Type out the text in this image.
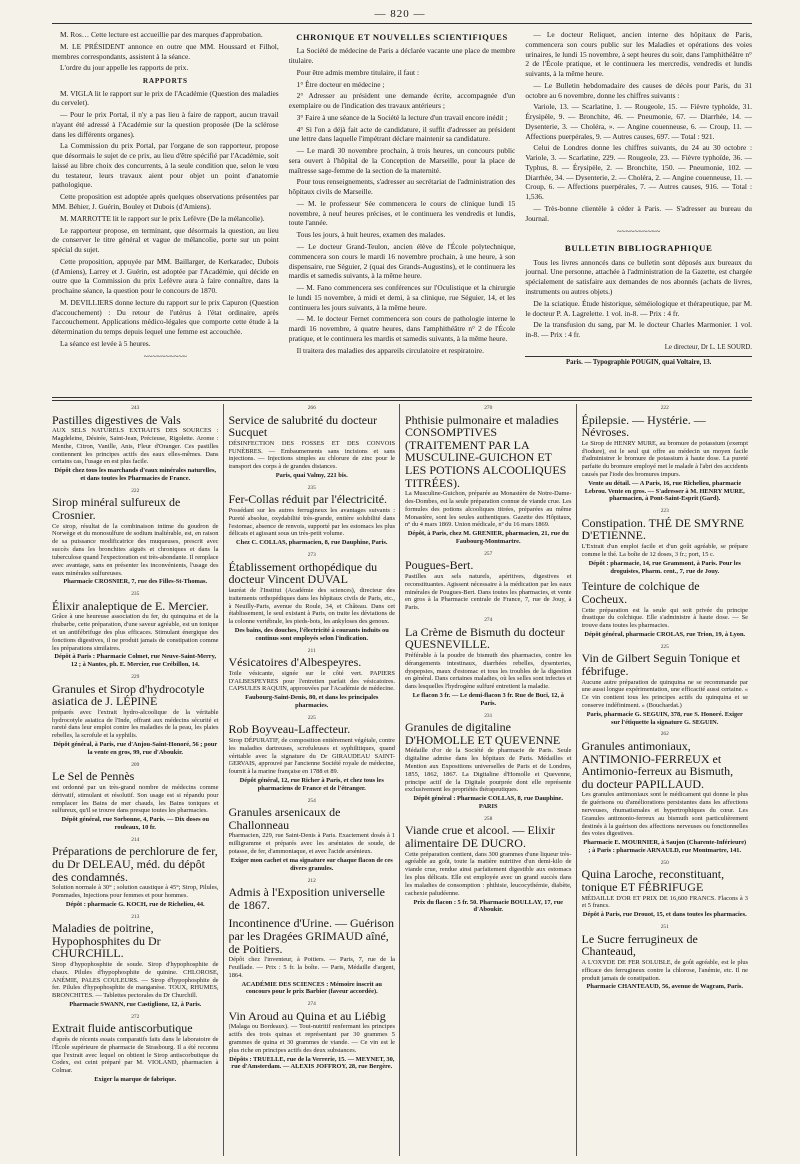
— 820 —

M. Ros… Cette lecture est accueillie par des marques d'approbation.

M. LE PRÉSIDENT annonce en outre que MM. Houssard et Filhol, membres correspondants, assistent à la séance.

L'ordre du jour appelle les rapports de prix.

RAPPORTS

M. VIGLA lit le rapport sur le prix de l'Académie (Question des maladies du cervelet).

— Pour le prix Portal, il n'y a pas lieu à faire de rapport, aucun travail n'ayant été adressé à l'Académie sur la question proposée (De la sclérose dans les différents organes).

La Commission du prix Portal, par l'organe de son rapporteur, propose que désormais le sujet de ce prix, au lieu d'être spécifié par l'Académie, soit laissé au libre choix des concurrents, à la seule condition que, selon le vœu du testateur, leurs travaux aient pour objet un point d'anatomie pathologique.

Cette proposition est adoptée après quelques observations présentées par MM. Béhier, J. Guérin, Bouley et Dubois (d'Amiens).

M. MARROTTE lit le rapport sur le prix Lefèvre (De la mélancolie).

Le rapporteur propose, en terminant, que désormais la question, au lieu de conserver le titre général et vague de mélancolie, porte sur un point spécial du sujet.

Cette proposition, appuyée par MM. Baillarger, de Kerkaradec, Dubois (d'Amiens), Larrey et J. Guérin, est adoptée par l'Académie, qui décide en outre que la Commission du prix Lefèvre aura à faire connaître, dans la prochaine séance, la question pour le concours de 1870.

M. DEVILLIERS donne lecture du rapport sur le prix Capuron (Question d'accouchement) : Du retour de l'utérus à l'état ordinaire, après l'accouchement. Applications médico-légales que comporte cette étude à la détermination du temps depuis lequel une femme est accouchée.

La séance est levée à 5 heures.

~~~~~~~~~~
CHRONIQUE ET NOUVELLES SCIENTIFIQUES

La Société de médecine de Paris a déclarée vacante une place de membre titulaire.

Pour être admis membre titulaire, il faut :

1° Être docteur en médecine ;

2° Adresser au président une demande écrite, accompagnée d'un exemplaire ou de l'indication des travaux antérieurs ;

3° Faire à une séance de la Société la lecture d'un travail encore inédit ;

4° Si l'on a déjà fait acte de candidature, il suffit d'adresser au président une lettre dans laquelle l'impétrant déclare maintenir sa candidature.

— Le mardi 30 novembre prochain, à trois heures, un concours public sera ouvert à l'hôpital de la Conception de Marseille, pour la place de maîtresse sage-femme de la section de la maternité.

Pour tous renseignements, s'adresser au secrétariat de l'administration des hôpitaux civils de Marseille.

— M. le professeur Sée commencera le cours de clinique lundi 15 novembre, à neuf heures précises, et le continuera les vendredis et lundis, toute l'année.

Tous les jours, à huit heures, examen des malades.

— Le docteur Grand-Teulon, ancien élève de l'École polytechnique, commencera son cours le mardi 16 novembre prochain, à une heure, à son dispensaire, rue Séguier, 2 (quai des Grands-Augustins), et le continuera les mardis et samedis suivants, à la même heure.

— M. Fano commencera ses conférences sur l'Oculistique et la chirurgie le lundi 15 novembre, à midi et demi, à sa clinique, rue Séguier, 14, et les continuera les jours suivants, à la même heure.

— M. le docteur Fernet commencera son cours de pathologie interne le mardi 16 novembre, à quatre heures, dans l'amphithéâtre n° 2 de l'École pratique, et le continuera les mardis et samedis suivants, à la même heure.

Il traitera des maladies des appareils circulatoire et respiratoire.

— Le docteur Reliquet, ancien interne des hôpitaux de Paris, commencera son cours public sur les Maladies et opérations des voies urinaires, le lundi 15 novembre, à sept heures du soir, dans l'amphithéâtre n° 2 de l'École pratique, et le continuera les mercredis, vendredis et lundis suivants, à la même heure.

— Le Bulletin hebdomadaire des causes de décès pour Paris, du 31 octobre au 6 novembre, donne les chiffres suivants :

Variole, 13. — Scarlatine, 1. — Rougeole, 15. — Fièvre typhoïde, 31. Érysipèle, 9. — Bronchite, 46. — Pneumonie, 67. — Diarrhée, 14. — Dysenterie, 3. — Choléra, ». — Angine couenneuse, 6. — Croup, 11. — Affections puerpérales, 9. — Autres causes, 697. — Total : 921.

Celui de Londres donne les chiffres suivants, du 24 au 30 octobre : Variole, 3. — Scarlatine, 229. — Rougeole, 23. — Fièvre typhoïde, 36. — Typhus, 8. — Érysipèle, 2. — Bronchite, 150. — Pneumonie, 102. — Diarrhée, 34. — Dysenterie, 2. — Choléra, 2. — Angine couenneuse, 11. — Croup, 6. — Affections puerpérales, 7. — Autres causes, 916. — Total : 1,536.

— Très-bonne clientèle à céder à Paris. — S'adresser au bureau du Journal.

~~~~~~~~~~
BULLETIN BIBLIOGRAPHIQUE

Tous les livres annoncés dans ce bulletin sont déposés aux bureaux du journal. Une personne, attachée à l'administration de la Gazette, est chargée spécialement de satisfaire aux demandes de nos abonnés (achats de livres, instruments ou autres objets.)

De la sciatique. Étude historique, séméiologique et thérapeutique, par M. le docteur P. A. Lagrelette. 1 vol. in-8. — Prix : 4 fr.

De la transfusion du sang, par M. le docteur Charles Marmonier. 1 vol. in-8. — Prix : 4 fr.

Le directeur, Dr L. LE SOURD.
Paris. — Typographie POUGIN, quai Voltaire, 13.
243
Pastilles digestives de Vals

AUX SELS NATURELS EXTRAITS DES SOURCES : Magdeleine, Désirée, Saint-Jean, Précieuse, Rigolette. Arome : Menthe, Citron, Vanille, Anis, Fleur d'Oranger. Ces pastilles contiennent les principes actifs des eaux elles-mêmes. Dans certains cas, l'usage en est plus facile.

Dépôt chez tous les marchands d'eaux minérales naturelles, et dans toutes les Pharmacies de France.
222
Sirop minéral sulfureux de Crosnier.

Ce sirop, résultat de la combinaison intime du goudron de Norwège et du monosulfure de sodium inaltérable, est, en raison de sa puissance modificatrice des muqueuses, prescrit avec succès dans les bronchites aiguës et chroniques et dans la tuberculose quand l'expectoration est très-abondante. Il remplace avec avantage, sans en présenter les inconvénients, l'usage des eaux minérales sulfureuses.

Pharmacie CROSNIER, 7, rue des Filles-St-Thomas.
235
Élixir analeptique de E. Mercier.

Grâce à une heureuse association du fer, du quinquina et de la rhubarbe, cette préparation, d'une saveur agréable, est un tonique et un antifébrifuge des plus efficaces. Stimulant énergique des fonctions digestives, il ne produit jamais de constipation comme les préparations similaires.

Dépôt à Paris : Pharmacie Colmet, rue Neuve-Saint-Merry, 12 ; à Nantes, ph. E. Mercier, rue Crébillon, 14.
229
Granules et Sirop d'hydrocotyle asiatica de J. LÉPINE

préparés avec l'extrait hydro-alcoolique de la véritable hydrocotyle asiatica de l'Inde, offrant aux médecins sécurité et rareté dans leur emploi contre les maladies de la peau, les plaies rebelles, la scrofule et la syphilis.

Dépôt général, à Paris, rue d'Anjou-Saint-Honoré, 56 ; pour la vente en gros, 99, rue d'Aboukir.
209
Le Sel de Pennès

est ordonné par un très-grand nombre de médecins comme dérivatif, stimulant et résolutif. Son usage est si répandu pour remplacer les Bains de mer chauds, les Bains toniques et sulfureux, qu'il se trouve dans presque toutes les pharmacies.

Dépôt général, rue Sorbonne, 4, Paris. — Dix doses ou rouleaux, 10 fr.
214
Préparations de perchlorure de fer, du Dr DELEAU, méd. du dépôt des condamnés.

Solution normale à 30° ; solution caustique à 45°; Sirop, Pilules, Pommades, Injections pour femmes et pour hommes.

Dépôt : pharmacie G. KOCH, rue de Richelieu, 44.
213
Maladies de poitrine, Hypophosphites du Dr CHURCHILL.

Sirop d'hypophosphite de soude. Sirop d'hypophosphite de chaux. Pilules d'hypophosphite de quinine. CHLOROSE, ANÉMIE, PALES COULEURS. — Sirop d'hypophosphite de fer. Pilules d'hypophosphite de manganèse. TOUX, RHUMES, BRONCHITES. — Tablettes pectorales du Dr Churchill.

Pharmacie SWANN, rue Castiglione, 12, à Paris.
272
Extrait fluide antiscorbutique

d'après de récents essais comparatifs faits dans le laboratoire de l'École supérieure de pharmacie de Strasbourg. Il a été reconnu que l'extrait avec lequel on obtient le Sirop antiscorbutique du Codex, est ceint préparé par M. VIOLAND, pharmacien à Colmar.

Exiger la marque de fabrique.
266
Service de salubrité du docteur Sucquet

DÉSINFECTION DES FOSSES ET DES CONVOIS FUNÈBRES. — Embaumements sans incisions et sans injections. — Injections simples au chlorure de zinc pour le transport des corps à de grandes distances.

Paris, quai Valmy, 221 bis.
235
Fer-Collas réduit par l'électricité.

Possédant sur les autres ferrugineux les avantages suivants : Pureté absolue, oxydabilité très-grande, entière solubilité dans l'estomac, absence de renvois, supporté par les estomacs les plus délicats et agissant sous un très-petit volume.

Chez C. COLLAS, pharmacien, 8, rue Dauphine, Paris.
273
Établissement orthopédique du docteur Vincent DUVAL

lauréat de l'Institut (Académie des sciences), directeur des traitements orthopédiques dans les hôpitaux civils de Paris, etc., à Neuilly-Paris, avenue du Roule, 34, et Château. Dans cet établissement, le seul existant à Paris, on traite les déviations de la colonne vertébrale, les pieds-bots, les ankyloses des genoux.

Des bains, des douches, l'électricité à courants induits ou continus sont employés selon l'indication.
211
Vésicatoires d'Albespeyres.

Toile vésicante, signée sur le côté vert. PAPIERS D'ALBESPEYRES pour l'entretien parfait des vésicatoires. CAPSULES RAQUIN, approuvées par l'Académie de médecine.

Faubourg-Saint-Denis, 80, et dans les principales pharmacies.
225
Rob Boyveau-Laffecteur.

Sirop DÉPURATIF, de composition entièrement végétale, contre les maladies dartreuses, scrofuleuses et syphilitiques, quand véritable avec la signature du Dr GIRAUDEAU SAINT-GERVAIS, approuvé par l'ancienne Société royale de médecine, fournit à la marine française en 1788 et 89.

Dépôt général, 12, rue Richer à Paris, et chez tous les pharmaciens de France et de l'étranger.
254
Granules arsenicaux de Challonneau

Pharmacien, 229, rue Saint-Denis à Paris. Exactement dosés à 1 milligramme et préparés avec les arséniates de soude, de potasse, de fer, d'ammoniaque, et avec l'acide arsénieux.

Exiger mon cachet et ma signature sur chaque flacon de ces divers granules.
212
Admis à l'Exposition universelle de 1867.
Incontinence d'Urine. — Guérison par les Dragées GRIMAUD aîné, de Poitiers.

Dépôt chez l'inventeur, à Poitiers. — Paris, 7, rue de la Feuillade. — Prix : 5 fr. la boîte. — Paris, Médaille d'argent, 1864.

ACADÉMIE DES SCIENCES : Mémoire inscrit au concours pour le prix Barbier (faveur accordée).
274
Vin Aroud au Quina et au Liébig

(Malaga ou Bordeaux). — Tout-nutritif renfermant les principes actifs des trois quinas et représentant par 30 grammes 5 grammes de quina et 30 grammes de viande. — Ce vin est le plus riche en principes actifs des deux substances.

Dépôts : TRUELLE, rue de la Verrerie, 15. — MEYNET, 30, rue d'Amsterdam. — ALEXIS JOFFROY, 28, rue Bergère.
270
Phthisie pulmonaire et maladies CONSOMPTIVES (TRAITEMENT PAR LA MUSCULINE-GUICHON ET LES POTIONS ALCOOLIQUES TITRÉES).

La Musculine-Guichon, préparée au Monastère de Notre-Dame-des-Dombes, est la seule préparation connue de viande crue. Les formules des potions alcooliques titrées, préparées au même Monastère, sont les seules authentiques. Gazette des Hôpitaux, nº du 4 mars 1869. Union médicale, nº du 16 mars 1869.

Dépôt, à Paris, chez M. GRENIER, pharmacien, 21, rue du Faubourg-Montmartre.
257
Pougues-Bert.

Pastilles aux sels naturels, apéritives, digestives et reconstituantes. Agissent nécessaire à la médication par les eaux minérales de Pougues-Bert. Dans toutes les pharmacies, et vente en gros à la Pharmacie centrale de France, 7, rue de Jouy, à Paris.

274
La Crème de Bismuth du docteur QUESNEVILLE.

Préférable à la poudre de bismuth des pharmacies, contre les dérangements intestinaux, diarrhées rebelles, dysenteries, dyspepsies, maux d'estomac et tous les troubles de la digestion en général. Dans certaines maladies, où les selles sont infectes et dans lesquelles l'hydrogène sulfuré entretient la maladie.

Le flacon 3 fr. — Le demi-flacon 3 fr. Rue de Buci, 12, à Paris.
231
Granules de digitaline D'HOMOLLE ET QUEVENNE

Médaille d'or de la Société de pharmacie de Paris. Seule digitaline admise dans les hôpitaux de Paris. Médailles et Mention aux Expositions universelles de Paris et de Londres, 1855, 1862, 1867. La Digitaline d'Homolle et Quevenne, principe actif de la Digitale pourprée dont elle représente exclusivement les propriétés thérapeutiques.

Dépôt général : Pharmacie COLLAS, 8, rue Dauphine. PARIS
258
Viande crue et alcool. — Elixir alimentaire DE DUCRO.

Cette préparation contient, dans 300 grammes d'une liqueur très-agréable au goût, toute la matière nutritive d'un demi-kilo de viande crue, rendue ainsi parfaitement digestible aux estomacs les plus délicats. Elle est employée avec un grand succès dans les maladies de consomption : phthisie, leucocythémie, diabète, cachexie paludéenne.

Prix du flacon : 5 fr. 50. Pharmacie BOULLAY, 17, rue d'Aboukir.
222
Épilepsie. — Hystérie. — Névroses.

Le Sirop de HENRY MURE, au bromure de potassium (exempt d'iodure), est le seul qui offre au médecin un moyen facile d'administrer le bromure de potassium à haute dose. La pureté parfaite du bromure employé met le malade à l'abri des accidents causés par l'iode des bromures impurs.

Vente au détail. — A Paris, 16, rue Richelieu, pharmacie Lebrou. Vente en gros. — S'adresser à M. HENRY MURE, pharmacien, à Pont-Saint-Esprit (Gard).
223
Constipation. THÉ DE SMYRNE D'ETIENNE.

L'Extrait d'un emploi facile et d'un goût agréable, se prépare comme le thé. La boîte de 12 doses, 3 fr.; port, 15 c.

Dépôt : pharmacie, 14, rue Grammont, à Paris. Pour les droguistes, Pharm. cent., 7, rue de Jouy.
Teinture de colchique de Cocheux.

Cette préparation est la seule qui soit privée du principe drastique du colchique. Elle s'administre à haute dose. — Se trouve dans toutes les pharmacies.

Dépôt général, pharmacie CROLAS, rue Trion, 19, à Lyon.
225
Vin de Gilbert Seguin Tonique et fébrifuge.

Aucune autre préparation de quinquina ne se recommande par une aussi longue expérimentation, une efficacité aussi certaine. « Ce vin contient tous les principes actifs du quinquina et se conserve indéfiniment. » (Bouchardat.)

Paris, pharmacie G. SEGUIN, 378, rue S. Honoré. Exiger sur l'étiquette la signature G. SEGUIN.
262
Granules antimoniaux, ANTIMONIO-FERREUX et Antimonio-ferreux au Bismuth, du docteur PAPILLAUD.

Les granules antimoniaux sont le médicament qui donne le plus de guérisons ou d'améliorations persistantes dans les affections nerveuses, rhumatismales et hypertrophiques du cœur. Les Granules antimonio-ferreux au bismuth sont particulièrement destinés à la guérison des affections nerveuses ou fonctionnelles des voies digestives.

Pharmacie E. MOURNIER, à Saujon (Charente-Inférieure) ; à Paris : pharmacie ARNAULD, rue Montmartre, 141.
250
Quina Laroche, reconstituant, tonique ET FÉBRIFUGE

MÉDAILLE D'OR ET PRIX DE 16,600 FRANCS. Flacons à 3 et 5 francs.

Dépôt à Paris, rue Drouot, 15, et dans toutes les pharmacies.
251
Le Sucre ferrugineux de Chanteaud,

A L'OXYDE DE FER SOLUBLE, de goût agréable, est le plus efficace des ferrugineux contre la chlorose, l'anémie, etc. Il ne produit jamais de constipation.

Pharmacie CHANTEAUD, 56, avenue de Wagram, Paris.
